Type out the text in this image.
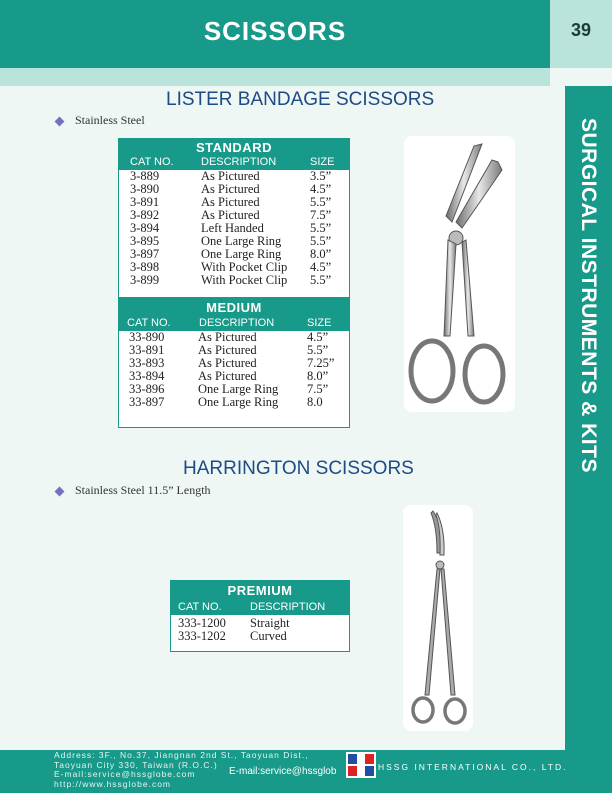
SCISSORS	39
SURGICAL INSTRUMENTS & KITS
LISTER BANDAGE SCISSORS
Stainless Steel
STANDARD
CAT NO. DESCRIPTION	SIZE
3-889	As Pictured	3.5”
3-890	As Pictured	4.5”
3-891	As Pictured	5.5”
3-892	As Pictured	7.5”
3-894	Left Handed	5.5”
3-895	One Large Ring 5.5”
3-897	One Large Ring 8.0”
3-898	With Pocket Clip 4.5”
3-899	With Pocket Clip 5.5”
MEDIUM
CAT NO.	DESCRIPTION	SIZE
33-890	As Pictured	4.5”
33-891	As Pictured	5.5”
33-893	As Pictured	7.25”
33-894	As Pictured	8.0”
33-896	One Large Ring 7.5”
33-897	One Large Ring 8.0
HARRINGTON SCISSORS
Stainless Steel 11.5” Length
PREMIUM
CAT NO.	DESCRIPTION
333-1200 Straight
333-1202 Curved
Address: 3F., No.37, Jiangnan 2nd St., Taoyuan Dist.,
Taoyuan City 330, Taiwan (R.O.C.)
E-mail:service@hssglobe.com
http://www.hssglobe.com
E-mail:service@hssglob	HSSG INTERNATIONAL CO., LTD.
